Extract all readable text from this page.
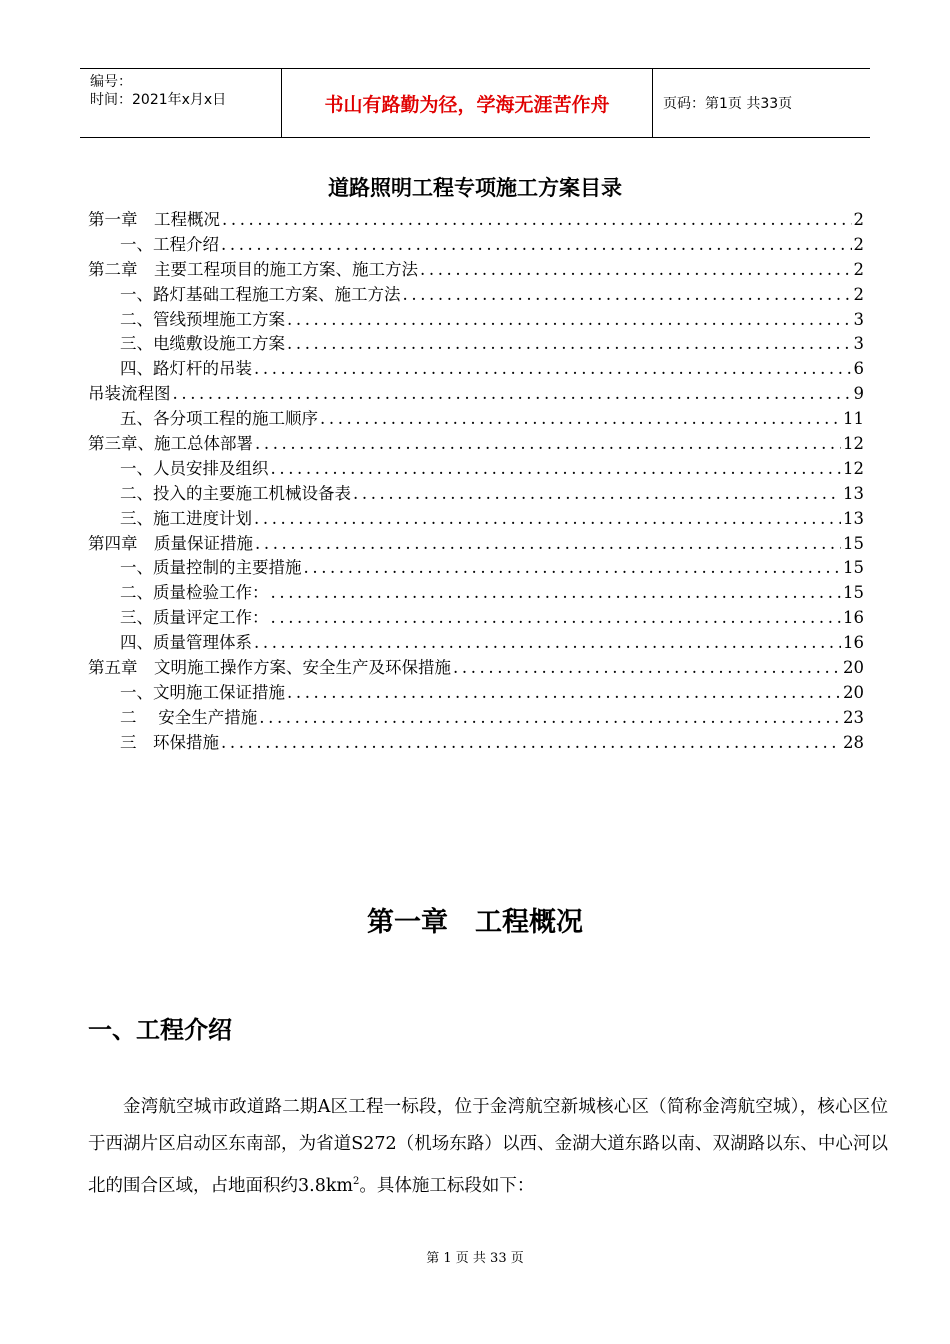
编号：
时间：2021年x月x日	书山有路勤为径，学海无涯苦作舟	页码：第1页 共33页
道路照明工程专项施工方案目录
第一章　工程概况 .....	2
一、工程介绍 .....	2
第二章　主要工程项目的施工方案、施工方法 .....	2
一、路灯基础工程施工方案、施工方法 .....	2
二、管线预埋施工方案 .....	3
三、电缆敷设施工方案 .....	3
四、路灯杆的吊装 .....	6
吊装流程图 .....	9
五、各分项工程的施工顺序 .....	11
第三章、施工总体部署 .....	12
一、人员安排及组织 .....	12
二、投入的主要施工机械设备表 .....	13
三、施工进度计划 .....	13
第四章　质量保证措施 .....	15
一、质量控制的主要措施 .....	15
二、质量检验工作： .....	15
三、质量评定工作： .....	16
四、质量管理体系 .....	16
第五章　文明施工操作方案、安全生产及环保措施 .....	20
一、文明施工保证措施 .....	20
二　 安全生产措施 .....	23
三　环保措施 .....	28
第一章　工程概况
一、工程介绍
金湾航空城市政道路二期A区工程一标段，位于金湾航空新城核心区（简称金湾航空城），核心区位于西湖片区启动区东南部，为省道S272（机场东路）以西、金湖大道东路以南、双湖路以东、中心河以北的围合区域，占地面积约$3.8km^2$。具体施工标段如下：
第 1 页 共 33 页
